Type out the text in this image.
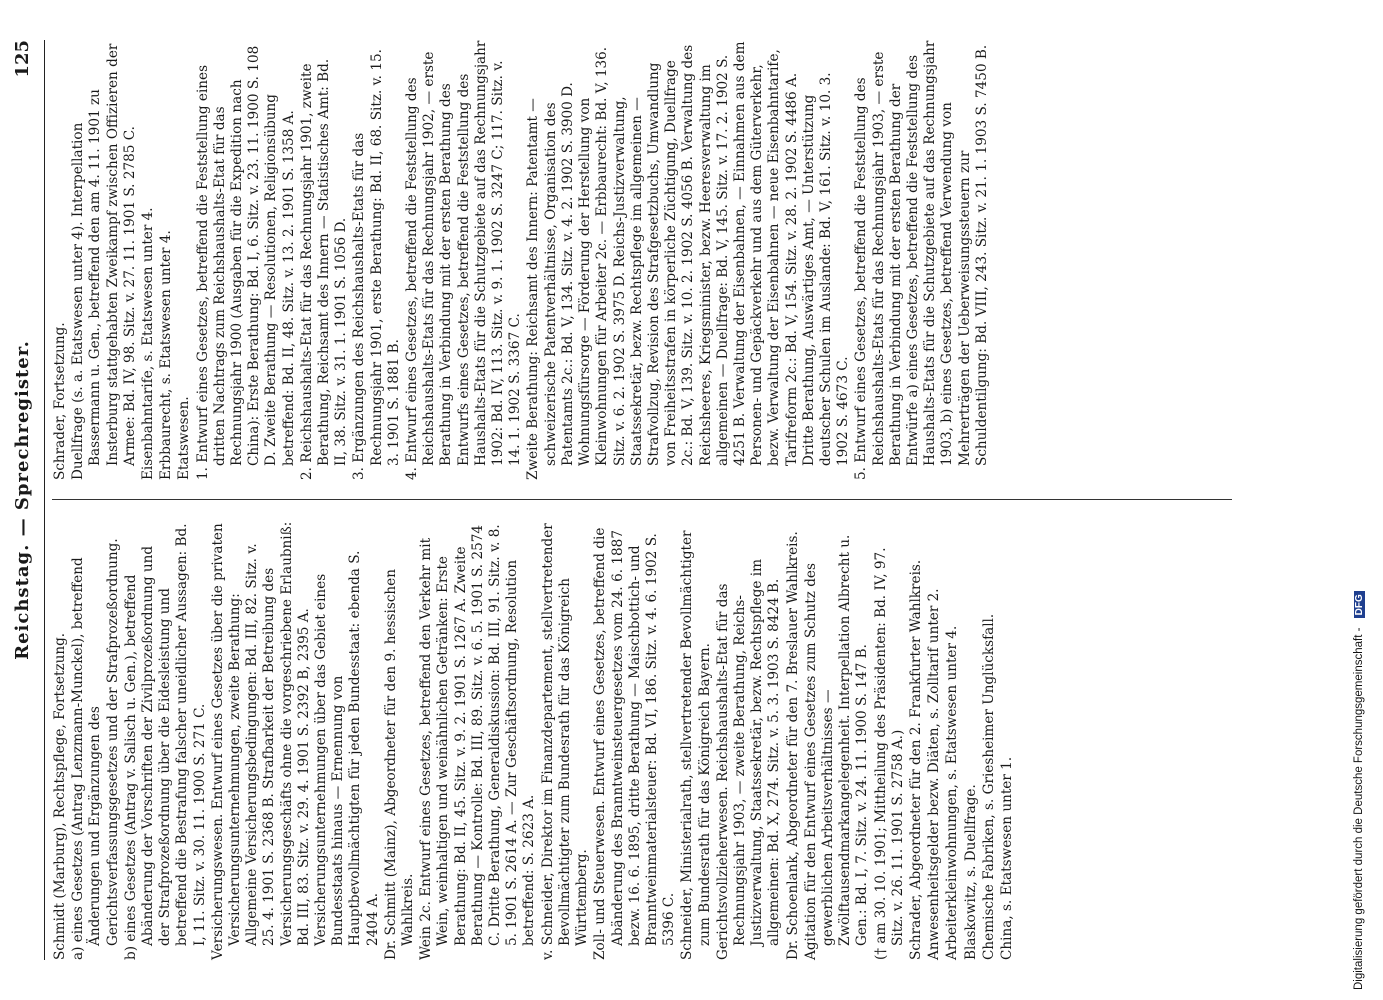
Reichstag. — Sprechregister.
125
Schmidt (Marburg), Rechtspflege, Fortsetzung. a) eines Gesetzes (Antrag Lenzmann-Munckel), betreffend Änderungen und Ergänzungen des Gerichtsverfassungsgesetzes und der Strafprozeßordnung. b) eines Gesetzes (Antrag v. Salisch u. Gen.), betreffend Abänderung der Vorschriften der Zivilprozeßordnung und der Strafprozeßordnung über die Eidesleistung und betreffend die Bestrafung falscher uneidlicher Aussagen: Bd. I, 11. Sitz. v. 30. 11. 1900 S. 271 C. Versicherungswesen. Entwurf eines Gesetzes über die privaten Versicherungsunternehmungen, zweite Berathung: Allgemeine Versicherungsbedingungen: Bd. III, 82. Sitz. v. 25. 4. 1901 S. 2368 B. Strafbarkeit der Betreibung des Versicherungsgeschäfts ohne die vorgeschriebene Erlaubniß: Bd. III, 83. Sitz. v. 29. 4. 1901 S. 2392 B, 2395 A. Versicherungsunternehmungen über das Gebiet eines Bundesstaats hinaus — Ernennung von Hauptbevollmächtigten für jeden Bundesstaat: ebenda S. 2404 A. Dr. Schmitt (Mainz), Abgeordneter für den 9. hessischen Wahlkreis. Wein 2c. Entwurf eines Gesetzes, betreffend den Verkehr mit Wein, weinhaltigen und weinähnlichen Getränken: Erste Berathung: Bd. II, 45. Sitz. v. 9. 2. 1901 S. 1267 A. Zweite Berathung — Kontrolle: Bd. III, 89. Sitz. v. 6. 5. 1901 S. 2574 C. Dritte Berathung, Generaldiskussion: Bd. III, 91. Sitz. v. 8. 5. 1901 S. 2614 A. — Zur Geschäftsordnung, Resolution betreffend: S. 2623 A. v. Schneider, Direktor im Finanzdepartement, stellvertretender Bevollmächtigter zum Bundesrath für das Königreich Württemberg. Zoll- und Steuerwesen. Entwurf eines Gesetzes, betreffend die Abänderung des Branntweinsteuergesetzes vom 24. 6. 1887 bezw. 16. 6. 1895, dritte Berathung — Maischbottich- und Branntweinmaterialsteuer: Bd. VI, 186. Sitz. v. 4. 6. 1902 S. 5396 C. Schneider, Ministerialrath, stellvertretender Bevollmächtigter zum Bundesrath für das Königreich Bayern. Gerichtsvollzieherwesen. Reichshaushalts-Etat für das Rechnungsjahr 1903, — zweite Berathung, Reichs-Justizverwaltung, Staatssekretär, bezw. Rechtspflege im allgemeinen: Bd. X, 274. Sitz. v. 5. 3. 1903 S. 8424 B. Dr. Schoenlank, Abgeordneter für den 7. Breslauer Wahlkreis. Agitation für den Entwurf eines Gesetzes zum Schutz des gewerblichen Arbeitsverhältnisses — Zwölftausendmarkangelegenheit. Interpellation Albrecht u. Gen.: Bd. I, 7. Sitz. v. 24. 11. 1900 S. 147 B. († am 30. 10. 1901; Mittheilung des Präsidenten: Bd. IV, 97. Sitz. v. 26. 11. 1901 S. 2758 A.) Schrader, Abgeordneter für den 2. Frankfurter Wahlkreis. Anwesenheitsgelder bezw. Diäten, s. Zolltarif unter 2. Arbeiterkleinwohnungen, s. Etatswesen unter 4. Blaskowitz, s. Duellfrage. Chemische Fabriken, s. Griesheimer Unglücksfall. China, s. Etatswesen unter 1.
Schrader, Fortsetzung. Duellfrage (s. a. Etatswesen unter 4). Interpellation Bassermann u. Gen., betreffend den am 4. 11. 1901 zu Insterburg stattgehabten Zweikampf zwischen Offizieren der Armee: Bd. IV, 98. Sitz. v. 27. 11. 1901 S. 2785 C. Eisenbahntarife, s. Etatswesen unter 4. Erbbaurecht, s. Etatswesen unter 4. Etatswesen. 1. Entwurf eines Gesetzes, betreffend die Feststellung eines dritten Nachtrags zum Reichshaushalts-Etat für das Rechnungsjahr 1900 (Ausgaben für die Expedition nach China): Erste Berathung: Bd. I, 6. Sitz. v. 23. 11. 1900 S. 108 D. Zweite Berathung — Resolutionen, Religionsübung betreffend: Bd. II, 48. Sitz. v. 13. 2. 1901 S. 1358 A. 2. Reichshaushalts-Etat für das Rechnungsjahr 1901, zweite Berathung, Reichsamt des Innern — Statistisches Amt: Bd. II, 38. Sitz. v. 31. 1. 1901 S. 1056 D. 3. Ergänzungen des Reichshaushalts-Etats für das Rechnungsjahr 1901, erste Berathung: Bd. II, 68. Sitz. v. 15. 3. 1901 S. 1881 B. 4. Entwurf eines Gesetzes, betreffend die Feststellung des Reichshaushalts-Etats für das Rechnungsjahr 1902, — erste Berathung in Verbindung mit der ersten Berathung des Entwurfs eines Gesetzes, betreffend die Feststellung des Haushalts-Etats für die Schutzgebiete auf das Rechnungsjahr 1902: Bd. IV, 113. Sitz. v. 9. 1. 1902 S. 3247 C; 117. Sitz. v. 14. 1. 1902 S. 3367 C. Zweite Berathung: Reichsamt des Innern: Patentamt — schweizerische Patentverhältnisse, Organisation des Patentamts 2c.: Bd. V, 134. Sitz. v. 4. 2. 1902 S. 3900 D. Wohnungsfürsorge — Förderung der Herstellung von Kleinwohnungen für Arbeiter 2c. — Erbbaurecht: Bd. V, 136. Sitz. v. 6. 2. 1902 S. 3975 D. Reichs-Justizverwaltung, Staatssekretär, bezw. Rechtspflege im allgemeinen — Strafvollzug, Revision des Strafgesetzbuchs, Umwandlung von Freiheitsstrafen in körperliche Züchtigung, Duellfrage 2c.: Bd. V, 139. Sitz. v. 10. 2. 1902 S. 4056 B. Verwaltung des Reichsheeres, Kriegsminister, bezw. Heeresverwaltung im allgemeinen — Duellfrage: Bd. V, 145. Sitz. v. 17. 2. 1902 S. 4251 B. Verwaltung der Eisenbahnen, — Einnahmen aus dem Personen- und Gepäckverkehr und aus dem Güterverkehr, bezw. Verwaltung der Eisenbahnen — neue Eisenbahntarife, Tarifreform 2c.: Bd. V, 154. Sitz. v. 28. 2. 1902 S. 4486 A. Dritte Berathung, Auswärtiges Amt, — Unterstützung deutscher Schulen im Auslande: Bd. V, 161. Sitz. v. 10. 3. 1902 S. 4673 C. 5. Entwurf eines Gesetzes, betreffend die Feststellung des Reichshaushalts-Etats für das Rechnungsjahr 1903, — erste Berathung in Verbindung mit der ersten Berathung der Entwürfe a) eines Gesetzes, betreffend die Feststellung des Haushalts-Etats für die Schutzgebiete auf das Rechnungsjahr 1903, b) eines Gesetzes, betreffend Verwendung von Mehrerträgen der Ueberweisungssteuern zur Schuldentilgung: Bd. VIII, 243. Sitz. v. 21. 1. 1903 S. 7450 B.
Digitalisierung gefördert durch die Deutsche Forschungsgemeinschaft - DFG
